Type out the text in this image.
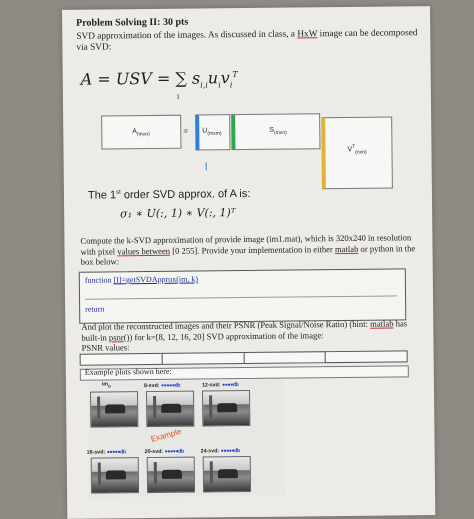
Problem Solving II: 30 pts
SVD approximation of the images. As discussed in class, a HxW image can be decomposed via SVD:
A = USV = ∑ $s_{i,i}u_iv_i^T$
i
$A_{(mxn)}$	= $U_{(mxm)}$	$S_{(mxn)}$
$V^T_{(nxn)}$
The 1st order SVD approx. of A is:
σ₁ ∗ U(:, 1) ∗ V(:, 1)ᵀ
Compute the k-SVD approximation of provide image (im1.mat), which is 320x240 in resolution
with pixel values between [0 255]. Provide your implementation in either matlab or python in the
box below:
function [I]=getSVDApprox(im, k)
return
And plot the reconstructed images and their PSNR (Peak Signal/Noise Ratio) (hint: matlab has
built-in psnr()) for k=[8, 12, 16, 20] SVD approximation of the image:
PSNR values:
Example plots shown here:
$im_o$	8-svd: ●●●●●db	12-svd: ●●●●db
16-svd: ●●●●●db	20-svd: ●●●●●db	24-svd: ●●●●●db
Example
